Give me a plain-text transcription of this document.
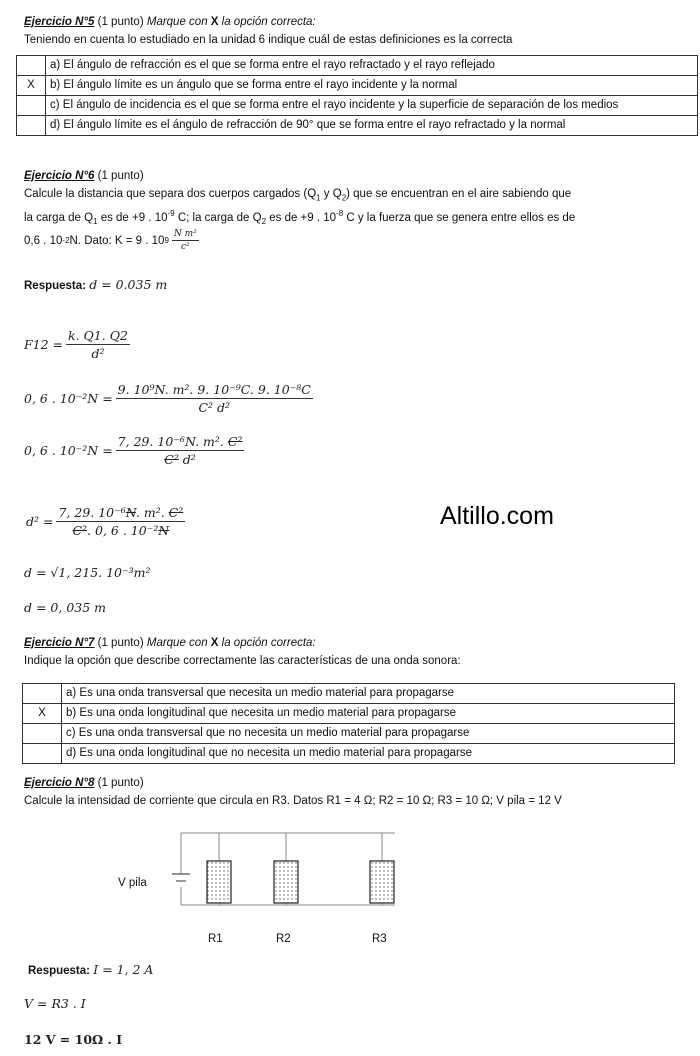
Ejercicio N°5 (1 punto) Marque con X la opción correcta:
Teniendo en cuenta lo estudiado en la unidad 6 indique cuál de estas definiciones es la correcta
	a) El ángulo de refracción es el que se forma entre el rayo refractado y el rayo reflejado
X	b) El ángulo límite es un ángulo que se forma entre el rayo incidente y la normal
	c) El ángulo de incidencia es el que se forma entre el rayo incidente y la superficie de separación de los medios
	d) El ángulo límite es el ángulo de refracción de 90° que se forma entre el rayo refractado y la normal
Ejercicio N°6 (1 punto)
Calcule la distancia que separa dos cuerpos cargados ($Q_1$ y $Q_2$) que se encuentran en el aire sabiendo que
la carga de $Q_1$ es de +9 . $10^{-9}$ C; la carga de $Q_2$ es de +9 . $10^{-8}$ C y la fuerza que se genera entre ellos es de
0,6 . 10 -2 N. Dato: K = 9 . 10 $9 \frac{\text{N m²}}{\text{c²}}$
Respuesta: d = 0.035 m
$F12 = \frac{k. Q1. Q2}{\text{d²}}$
0, 6 . $10^{-2}N = \frac{\text{9. 10⁹N. m². 9. 10⁻⁹C. 9. 10⁻⁸C}}{\text{C² d²}}$
0, 6 . $10^{-2}N = \frac{\text{7, 29. 10⁻⁶N. m². C²}}{\text{C² d²}}$
$d^2 = \frac{\text{7, 29. 10⁻⁶N. m². C²}}{\text{C². 0, 6 . 10⁻²N}}$
d = √1, 215. 10⁻³m²
d = 0, 035 m
Altillo.com
Ejercicio N°7 (1 punto) Marque con X la opción correcta:
Indique la opción que describe correctamente las características de una onda sonora:
	a) Es una onda transversal que necesita un medio material para propagarse
X	b) Es una onda longitudinal que necesita un medio material para propagarse
	c) Es una onda transversal que no necesita un medio material para propagarse
	d) Es una onda longitudinal que no necesita un medio material para propagarse
Ejercicio N°8 (1 punto)
Calcule la intensidad de corriente que circula en R3. Datos R1 = 4 Ω; R2 = 10 Ω; R3 = 10 Ω; V pila = 12 V
V pila
R1	R2	R3
Respuesta: I = 1, 2 A
V = R3 . I
12 V = 10Ω . I
